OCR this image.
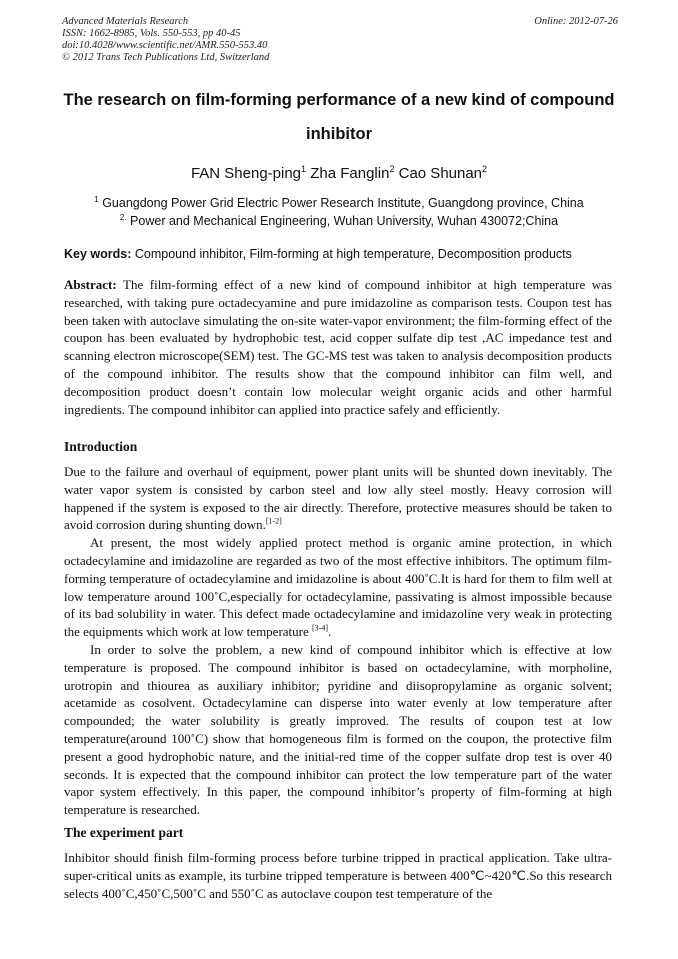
Advanced Materials Research
ISSN: 1662-8985, Vols. 550-553, pp 40-45
doi:10.4028/www.scientific.net/AMR.550-553.40
© 2012 Trans Tech Publications Ltd, Switzerland
Online: 2012-07-26
The research on film-forming performance of a new kind of compound
inhibitor
FAN Sheng-ping$^1$ Zha Fanglin$^2$ Cao Shunan$^2$
$^1$ Guangdong Power Grid Electric Power Research Institute, Guangdong province, China
$^{2.}$ Power and Mechanical Engineering, Wuhan University, Wuhan 430072;China
Key words: Compound inhibitor, Film-forming at high temperature, Decomposition products

Abstract: The film-forming effect of a new kind of compound inhibitor at high temperature was researched, with taking pure octadecyamine and pure imidazoline as comparison tests. Coupon test has been taken with autoclave simulating the on-site water-vapor environment; the film-forming effect of the coupon has been evaluated by hydrophobic test, acid copper sulfate dip test ,AC impedance test and scanning electron microscope(SEM) test. The GC-MS test was taken to analysis decomposition products of the compound inhibitor. The results show that the compound inhibitor can film well, and decomposition product doesn’t contain low molecular weight organic acids and other harmful ingredients. The compound inhibitor can applied into practice safely and efficiently.

Introduction

Due to the failure and overhaul of equipment, power plant units will be shunted down inevitably. The water vapor system is consisted by carbon steel and low ally steel mostly. Heavy corrosion will happened if the system is exposed to the air directly. Therefore, protective measures should be taken to avoid corrosion during shunting down.[1-2]

At present, the most widely applied protect method is organic amine protection, in which octadecylamine and imidazoline are regarded as two of the most effective inhibitors. The optimum film-forming temperature of octadecylamine and imidazoline is about 400˚C.It is hard for them to film well at low temperature around 100˚C,especially for octadecylamine, passivating is almost impossible because of its bad solubility in water. This defect made octadecylamine and imidazoline very weak in protecting the equipments which work at low temperature [3-4].

In order to solve the problem, a new kind of compound inhibitor which is effective at low temperature is proposed. The compound inhibitor is based on octadecylamine, with morpholine, urotropin and thiourea as auxiliary inhibitor; pyridine and diisopropylamine as organic solvent; acetamide as cosolvent. Octadecylamine can disperse into water evenly at low temperature after compounded; the water solubility is greatly improved. The results of coupon test at low temperature(around 100˚C) show that homogeneous film is formed on the coupon, the protective film present a good hydrophobic nature, and the initial-red time of the copper sulfate drop test is over 40 seconds. It is expected that the compound inhibitor can protect the low temperature part of the water vapor system effectively. In this paper, the compound inhibitor’s property of film-forming at high temperature is researched.

The experiment part

Inhibitor should finish film-forming process before turbine tripped in practical application. Take ultra-super-critical units as example, its turbine tripped temperature is between 400℃~420℃.So this research selects 400˚C,450˚C,500˚C and 550˚C as autoclave coupon test temperature of the
